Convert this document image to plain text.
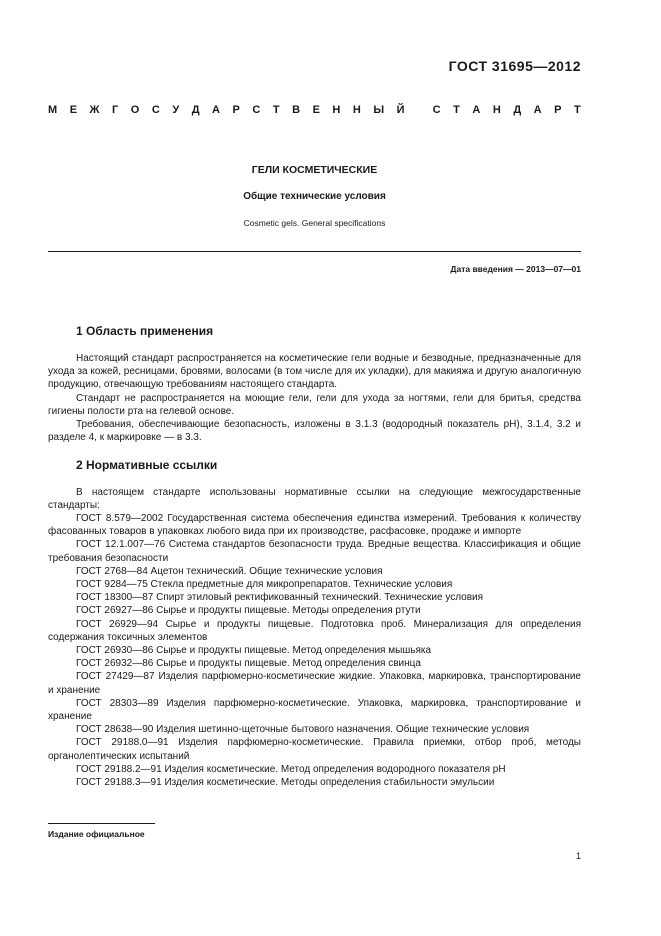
ГОСТ 31695—2012
М Е Ж Г О С У Д А Р С Т В Е Н Н Ы Й
	С Т А Н Д А Р Т
ГЕЛИ КОСМЕТИЧЕСКИЕ
Общие технические условия
Cosmetic gels. General specifications
Дата введения — 2013—07—01
1 Область применения
Настоящий стандарт распространяется на косметические гели водные и безводные, предназначенные для ухода за кожей, ресницами, бровями, волосами (в том числе для их укладки), для макияжа и другую аналогичную продукцию, отвечающую требованиям настоящего стандарта.
Стандарт не распространяется на моющие гели, гели для ухода за ногтями, гели для бритья, средства гигиены полости рта на гелевой основе.
Требования, обеспечивающие безопасность, изложены в 3.1.3 (водородный показатель pH), 3.1.4, 3.2 и разделе 4, к маркировке — в 3.3.
2 Нормативные ссылки
В настоящем стандарте использованы нормативные ссылки на следующие межгосударственные стандарты:
ГОСТ 8.579—2002 Государственная система обеспечения единства измерений. Требования к количеству фасованных товаров в упаковках любого вида при их производстве, расфасовке, продаже и импорте
ГОСТ 12.1.007—76 Система стандартов безопасности труда. Вредные вещества. Классификация и общие требования безопасности
ГОСТ 2768—84 Ацетон технический. Общие технические условия
ГОСТ 9284—75 Стекла предметные для микропрепаратов. Технические условия
ГОСТ 18300—87 Спирт этиловый ректификованный технический. Технические условия
ГОСТ 26927—86 Сырье и продукты пищевые. Методы определения ртути
ГОСТ 26929—94 Сырье и продукты пищевые. Подготовка проб. Минерализация для определения содержания токсичных элементов
ГОСТ 26930—86 Сырье и продукты пищевые. Метод определения мышьяка
ГОСТ 26932—86 Сырье и продукты пищевые. Метод определения свинца
ГОСТ 27429—87 Изделия парфюмерно-косметические жидкие. Упаковка, маркировка, транспортирование и хранение
ГОСТ 28303—89 Изделия парфюмерно-косметические. Упаковка, маркировка, транспортирование и хранение
ГОСТ 28638—90 Изделия шетинно-щеточные бытового назначения. Общие технические условия
ГОСТ 29188.0—91 Изделия парфюмерно-косметические. Правила приемки, отбор проб, методы органолептических испытаний
ГОСТ 29188.2—91 Изделия косметические. Метод определения водородного показателя pH
ГОСТ 29188.3—91 Изделия косметические. Методы определения стабильности эмульсии
Издание официальное
1
